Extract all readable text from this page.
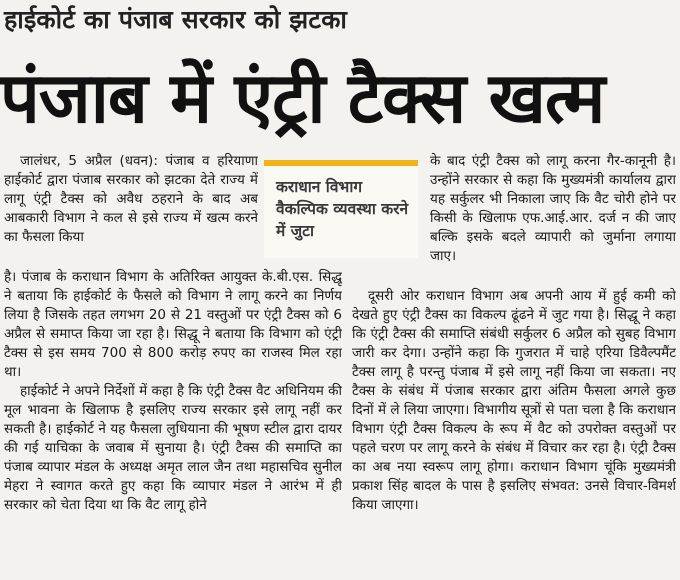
हाईकोर्ट का पंजाब सरकार को झटका
पंजाब में एंट्री टैक्स खत्म

जालंधर, 5 अप्रैल (धवन): पंजाब व हरियाणा हाईकोर्ट द्वारा पंजाब सरकार को झटका देते राज्य में लागू एंट्री टैक्स को अवैध ठहराने के बाद अब आबकारी विभाग ने कल से इसे राज्य में खत्म करने का फैसला किया

कराधान विभाग वैकल्पिक व्यवस्था करने में जुटा

है। पंजाब के कराधान विभाग के अतिरिक्त आयुक्त के.बी.एस. सिद्धू ने बताया कि हाईकोर्ट के फैसले को विभाग ने लागू करने का निर्णय लिया है जिसके तहत लगभग 20 से 21 वस्तुओं पर एंट्री टैक्स को 6 अप्रैल से समाप्त किया जा रहा है। सिद्धू ने बताया कि विभाग को एंट्री टैक्स से इस समय 700 से 800 करोड़ रुपए का राजस्व मिल रहा था।

हाईकोर्ट ने अपने निर्देशों में कहा है कि एंट्री टैक्स वैट अधिनियम की मूल भावना के खिलाफ है इसलिए राज्य सरकार इसे लागू नहीं कर सकती है। हाईकोर्ट ने यह फैसला लुधियाना की भूषण स्टील द्वारा दायर की गई याचिका के जवाब में सुनाया है। एंट्री टैक्स की समाप्ति का पंजाब व्यापार मंडल के अध्यक्ष अमृत लाल जैन तथा महासचिव सुनील मेहरा ने स्वागत करते हुए कहा कि व्यापार मंडल ने आरंभ में ही सरकार को चेता दिया था कि वैट लागू होने

के बाद एंट्री टैक्स को लागू करना गैर-कानूनी है। उन्होंने सरकार से कहा कि मुख्यमंत्री कार्यालय द्वारा यह सर्कुलर भी निकाला जाए कि वैट चोरी होने पर किसी के खिलाफ एफ.आई.आर. दर्ज न की जाए बल्कि इसके बदले व्यापारी को जुर्माना लगाया जाए।

दूसरी ओर कराधान विभाग अब अपनी आय में हुई कमी को देखते हुए एंट्री टैक्स का विकल्प ढूंढने में जुट गया है। सिद्धू ने कहा कि एंट्री टैक्स की समाप्ति संबंधी सर्कुलर 6 अप्रैल को सुबह विभाग जारी कर देगा। उन्होंने कहा कि गुजरात में चाहे एरिया डिवैल्पमैंट टैक्स लागू है परन्तु पंजाब में इसे लागू नहीं किया जा सकता। नए टैक्स के संबंध में पंजाब सरकार द्वारा अंतिम फैसला अगले कुछ दिनों में ले लिया जाएगा। विभागीय सूत्रों से पता चला है कि कराधान विभाग एंट्री टैक्स विकल्प के रूप में वैट को उपरोक्त वस्तुओं पर पहले चरण पर लागू करने के संबंध में विचार कर रहा है। एंट्री टैक्स का अब नया स्वरूप लागू होगा। कराधान विभाग चूंकि मुख्यमंत्री प्रकाश सिंह बादल के पास है इसलिए संभवत: उनसे विचार-विमर्श किया जाएगा।
